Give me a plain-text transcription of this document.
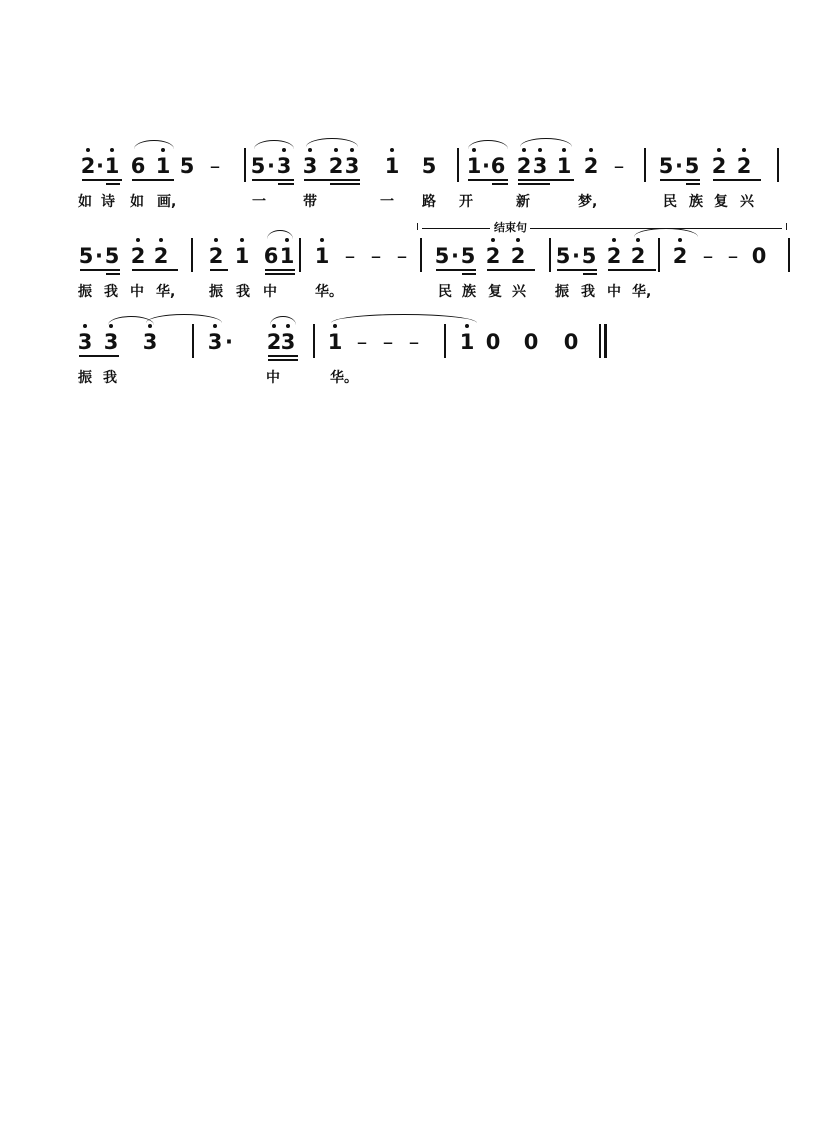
2 · 1 6 1 5 –	5 · 3 3 2 3 1 5 1 · 6 2 3 1 2 –	5 · 5 2 2
如 诗 如 画,	一	带	一 路 开	新	梦,	民 族 复 兴
I	结束句	I
5 · 5 2 2 2 1 6 1 1 – – –	5 · 5 2 2 5 · 5 2 2 2 – – 0
振 我 中 华, 振 我 中	华。	民 族 复 兴 振 我 中 华,
3 3 3 3 · 2 3 1 – – –	1 0 0 0
振 我	中	华。
